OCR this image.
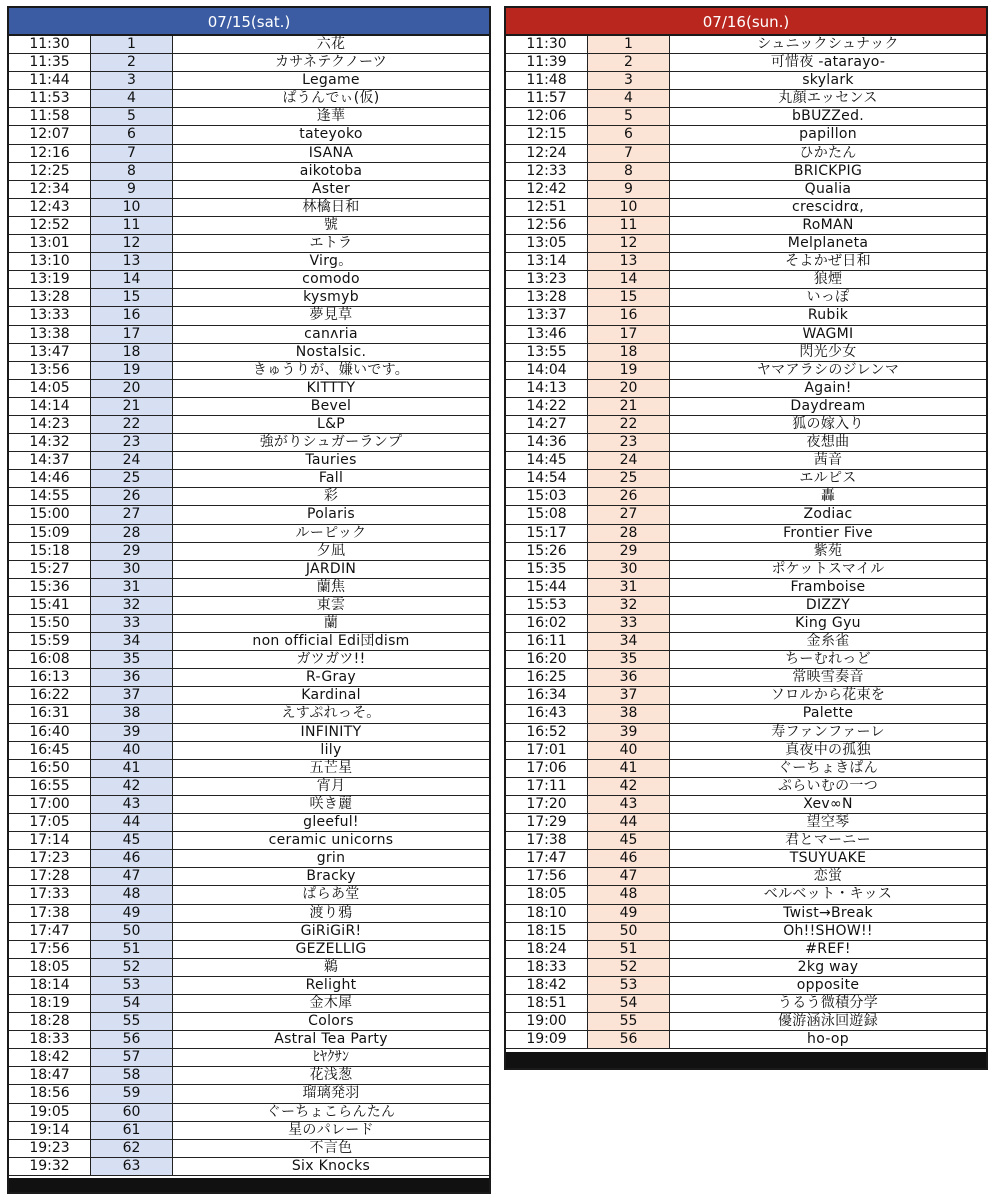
07/15(sat.)
11:30	1	六花
11:35	2	カサネテクノーツ
11:44	3	Legame
11:53	4	ぱうんでぃ(仮)
11:58	5	逢華
12:07	6	tateyoko
12:16	7	ISANA
12:25	8	aikotoba
12:34	9	Aster
12:43	10	林檎日和
12:52	11	號
13:01	12	エトラ
13:10	13	Virg。
13:19	14	comodo
13:28	15	kysmyb
13:33	16	夢見草
13:38	17	canᴧria
13:47	18	Nostalsic.
13:56	19	きゅうりが、嫌いです。
14:05	20	KITTTY
14:14	21	Bevel
14:23	22	L&P
14:32	23	強がりシュガーランプ
14:37	24	Tauries
14:46	25	Fall
14:55	26	彩
15:00	27	Polaris
15:09	28	ルーピック
15:18	29	夕凪
15:27	30	JARDIN
15:36	31	蘭焦
15:41	32	東雲
15:50	33	蘭
15:59	34	non official Edi団dism
16:08	35	ガツガツ!!
16:13	36	R-Gray
16:22	37	Kardinal
16:31	38	えすぷれっそ。
16:40	39	INFINITY
16:45	40	lily
16:50	41	五芒星
16:55	42	宵月
17:00	43	咲き麗
17:05	44	gleeful!
17:14	45	ceramic unicorns
17:23	46	grin
17:28	47	Bracky
17:33	48	ぱらあ堂
17:38	49	渡り鴉
17:47	50	GiRiGiR!
17:56	51	GEZELLIG
18:05	52	鵜
18:14	53	Relight
18:19	54	金木犀
18:28	55	Colors
18:33	56	Astral Tea Party
18:42	57	ﾋﾔｸｻﾝ
18:47	58	花浅葱
18:56	59	瑠璃発羽
19:05	60	ぐーちょこらんたん
19:14	61	星のパレード
19:23	62	不言色
19:32	63	Six Knocks
07/16(sun.)
11:30	1	シュニックシュナック
11:39	2	可惜夜 -atarayo-
11:48	3	skylark
11:57	4	丸顔エッセンス
12:06	5	bBUZZed.
12:15	6	papillon
12:24	7	ひかたん
12:33	8	BRICKPIG
12:42	9	Qualia
12:51	10	crescidrα,
12:56	11	RoMAN
13:05	12	Melplaneta
13:14	13	そよかぜ日和
13:23	14	狼煙
13:28	15	いっぽ
13:37	16	Rubik
13:46	17	WAGMI
13:55	18	閃光少女
14:04	19	ヤマアラシのジレンマ
14:13	20	Again!
14:22	21	Daydream
14:27	22	狐の嫁入り
14:36	23	夜想曲
14:45	24	茜音
14:54	25	エルピス
15:03	26	轟
15:08	27	Zodiac
15:17	28	Frontier Five
15:26	29	紫苑
15:35	30	ポケットスマイル
15:44	31	Framboise
15:53	32	DIZZY
16:02	33	King Gyu
16:11	34	金糸雀
16:20	35	ちーむれっど
16:25	36	常映雪奏音
16:34	37	ソロルから花束を
16:43	38	Palette
16:52	39	寿ファンファーレ
17:01	40	真夜中の孤独
17:06	41	ぐーちょきぱん
17:11	42	ぷらいむの一つ
17:20	43	Xev∞N
17:29	44	望空琴
17:38	45	君とマーニー
17:47	46	TSUYUAKE
17:56	47	恋蛍
18:05	48	ベルベット・キッス
18:10	49	Twist→Break
18:15	50	Oh!!SHOW!!
18:24	51	#REF!
18:33	52	2kg way
18:42	53	opposite
18:51	54	うるう微積分学
19:00	55	優游涵泳回遊録
19:09	56	ho-op
